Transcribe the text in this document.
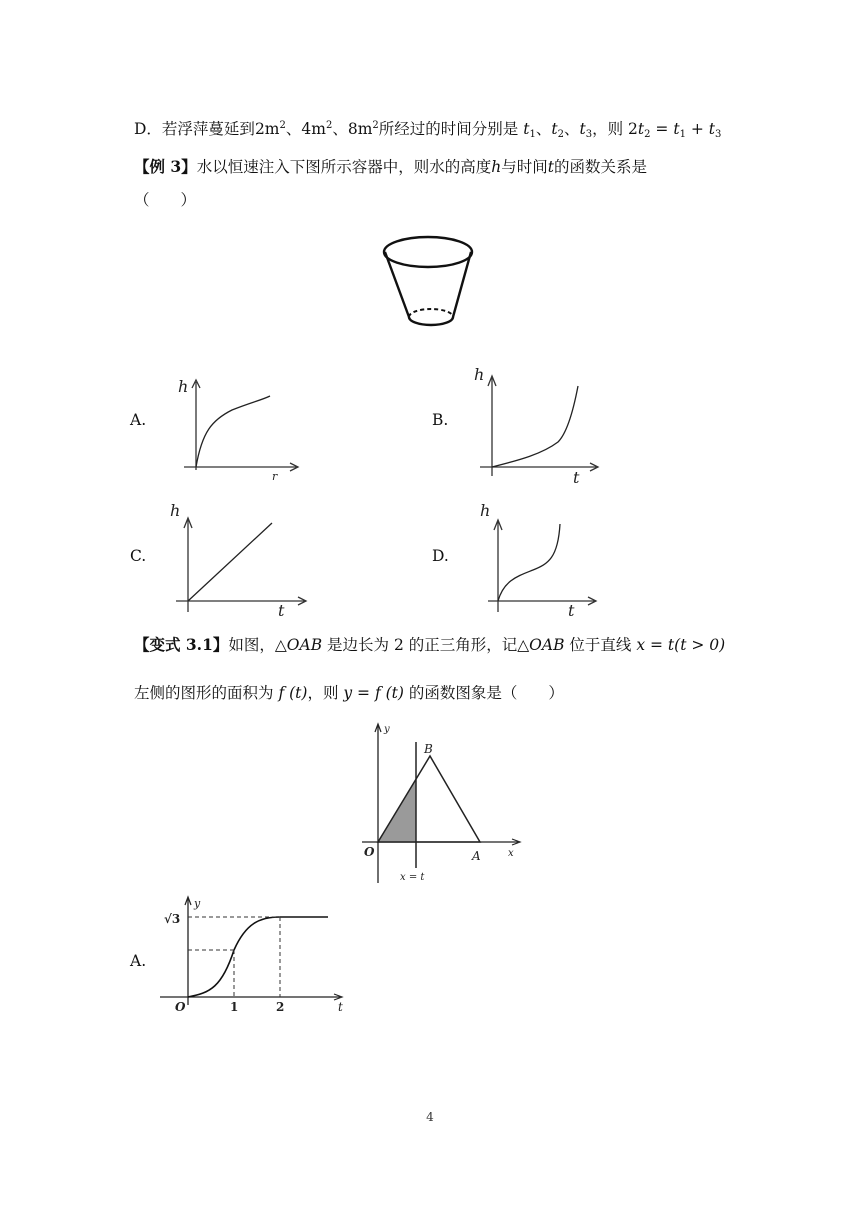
D．若浮萍蔓延到$2m^2$、$4m^2$、$8m^2$所经过的时间分别是 $t_1$、$t_2$、$t_3$，则 $2t_2 = t_1 + t_3$
【例 3】水以恒速注入下图所示容器中，则水的高度h与时间t的函数关系是
（　　）
A.
h
r
B.
h
t
C.
h
t
D.
h
t
【变式 3.1】如图，△OAB 是边长为 2 的正三角形，记△OAB 位于直线 x = t(t > 0)
左侧的图形的面积为 f (t)，则 y = f (t) 的函数图象是（　　）
y
B
O	A	x
x = t
A.
y
√3
O	1	2	t
4
